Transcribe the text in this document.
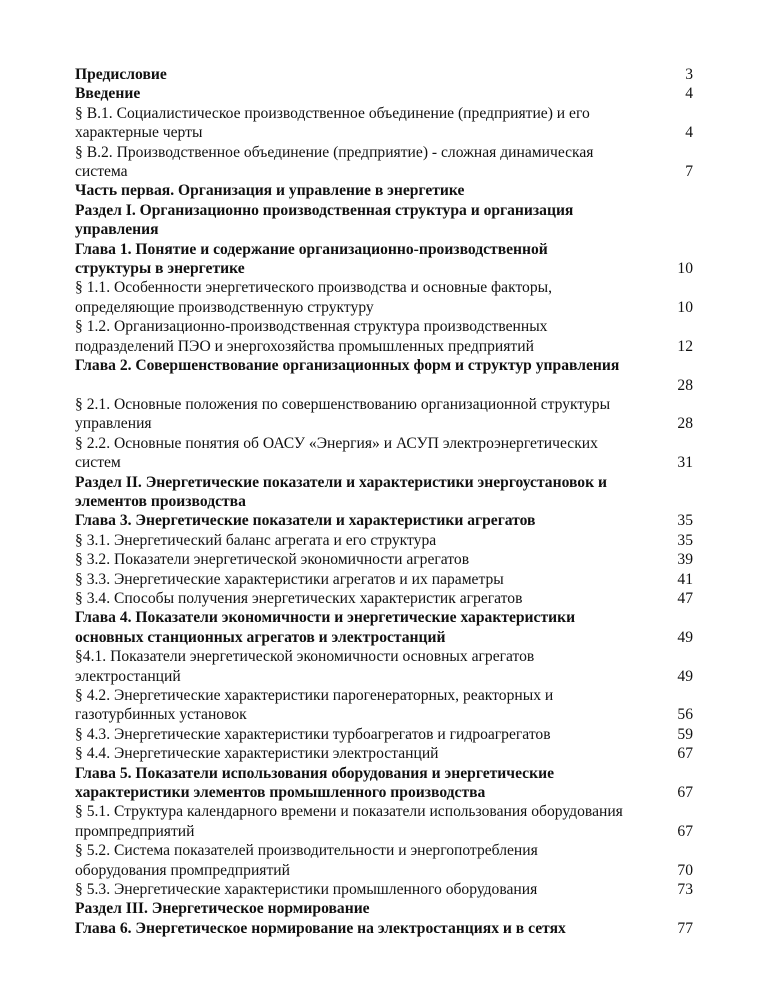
Предисловие	3
Введение	4
§ В.1. Социалистическое производственное объединение (предприятие) и его
характерные черты	4
§ В.2. Производственное объединение (предприятие) - сложная динамическая
система	7
Часть первая. Организация и управление в энергетике
Раздел I. Организационно производственная структура и организация
управления
Глава 1. Понятие и содержание организационно-производственной
структуры в энергетике	10
§ 1.1. Особенности энергетического производства и основные факторы,
определяющие производственную структуру	10
§ 1.2. Организационно-производственная структура производственных
подразделений ПЭО и энергохозяйства промышленных предприятий	12
Глава 2. Совершенствование организационных форм и структур управления
28
§ 2.1. Основные положения по совершенствованию организационной структуры
управления	28
§ 2.2. Основные понятия об ОАСУ «Энергия» и АСУП электроэнергетических
систем	31
Раздел II. Энергетические показатели и характеристики энергоустановок и
элементов производства
Глава 3. Энергетические показатели и характеристики агрегатов	35
§ 3.1. Энергетический баланс агрегата и его структура	35
§ 3.2. Показатели энергетической экономичности агрегатов	39
§ 3.3. Энергетические характеристики агрегатов и их параметры	41
§ 3.4. Способы получения энергетических характеристик агрегатов	47
Глава 4. Показатели экономичности и энергетические характеристики
основных станционных агрегатов и электростанций	49
§4.1. Показатели энергетической экономичности основных агрегатов
электростанций	49
§ 4.2. Энергетические характеристики парогенераторных, реакторных и
газотурбинных установок	56
§ 4.3. Энергетические характеристики турбоагрегатов и гидроагрегатов	59
§ 4.4. Энергетические характеристики электростанций	67
Глава 5. Показатели использования оборудования и энергетические
характеристики элементов промышленного производства	67
§ 5.1. Структура календарного времени и показатели использования оборудования
промпредприятий	67
§ 5.2. Система показателей производительности и энергопотребления
оборудования промпредприятий	70
§ 5.3. Энергетические характеристики промышленного оборудования	73
Раздел III. Энергетическое нормирование
Глава 6. Энергетическое нормирование на электростанциях и в сетях	77
